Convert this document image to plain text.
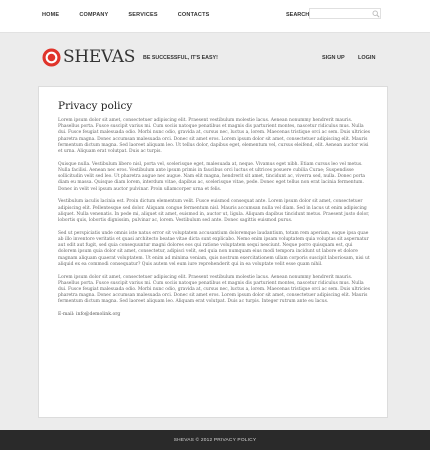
HOME	COMPANY	SERVICES	CONTACTS	SEARCH
SHEVAS BE SUCCESSFUL, IT'S EASY!	SIGN UP LOGIN
Privacy policy

Lorem ipsum dolor sit amet, consectetuer adipiscing elit. Praesent vestibulum molestie lacus. Aenean nonummy hendrerit mauris. Phasellus porta. Fusce suscipit varius mi. Cum sociis natoque penatibus et magnis dis parturient montes, nascetur ridiculus mus. Nulla dui. Fusce feugiat malesuada odio. Morbi nunc odio, gravida at, cursus nec, luctus a, lorem. Maecenas tristique orci ac sem. Duis ultricies pharetra magna. Donec accumsan malesuada orci. Donec sit amet eros. Lorem ipsum dolor sit amet, consectetuer adipiscing elit. Mauris fermentum dictum magna. Sed laoreet aliquam leo. Ut tellus dolor, dapibus eget, elementum vel, cursus eleifend, elit. Aenean auctor wisi et urna. Aliquam erat volutpat. Duis ac turpis.

Quisque nulla. Vestibulum libero nisl, porta vel, scelerisque eget, malesuada at, neque. Vivamus eget nibh. Etiam cursus leo vel metus. Nulla facilisi. Aenean nec eros. Vestibulum ante ipsum primis in faucibus orci luctus et ultrices posuere cubilia Curae; Suspendisse sollicitudin velit sed leo. Ut pharetra augue nec augue. Nam elit magna, hendrerit sit amet, tincidunt ac, viverra sed, nulla. Donec porta diam eu massa. Quisque diam lorem, interdum vitae, dapibus ac, scelerisque vitae, pede. Donec eget tellus non erat lacinia fermentum. Donec in velit vel ipsum auctor pulvinar. Proin ullamcorper urna et felis.

Vestibulum iaculis lacinia est. Proin dictum elementum velit. Fusce euismod consequat ante. Lorem ipsum dolor sit amet, consectetuer adipiscing elit. Pellentesque sed dolor. Aliquam congue fermentum nisl. Mauris accumsan nulla vel diam. Sed in lacus ut enim adipiscing aliquet. Nulla venenatis. In pede mi, aliquet sit amet, euismod in, auctor ut, ligula. Aliquam dapibus tincidunt metus. Praesent justo dolor, lobortis quis, lobortis dignissim, pulvinar ac, lorem. Vestibulum sed ante. Donec sagittis euismod purus.

Sed ut perspiciatis unde omnis iste natus error sit voluptatem accusantium doloremque laudantium, totam rem aperiam, eaque ipsa quae ab illo inventore veritatis et quasi architecto beatae vitae dicta sunt explicabo. Nemo enim ipsam voluptatem quia voluptas sit aspernatur aut odit aut fugit, sed quia consequuntur magni dolores eos qui ratione voluptatem sequi nesciunt. Neque porro quisquam est, qui dolorem ipsum quia dolor sit amet, consectetur, adipisci velit, sed quia non numquam eius modi tempora incidunt ut labore et dolore magnam aliquam quaerat voluptatem. Ut enim ad minima veniam, quis nostrum exercitationem ullam corporis suscipit laboriosam, nisi ut aliquid ex ea commodi consequatur? Quis autem vel eum iure reprehenderit qui in ea voluptate velit esse quam nihil.

Lorem ipsum dolor sit amet, consectetuer adipiscing elit. Praesent vestibulum molestie lacus. Aenean nonummy hendrerit mauris. Phasellus porta. Fusce suscipit varius mi. Cum sociis natoque penatibus et magnis dis parturient montes, nascetur ridiculus mus. Nulla dui. Fusce feugiat malesuada odio. Morbi nunc odio, gravida at, cursus nec, luctus a, lorem. Maecenas tristique orci ac sem. Duis ultricies pharetra magna. Donec accumsan malesuada orci. Donec sit amet eros. Lorem ipsum dolor sit amet, consectetuer adipiscing elit. Mauris fermentum dictum magna. Sed laoreet aliquam leo. Aliquam erat volutpat. Duis ac turpis. Integer rutrum ante eu lacus.

E-mail: info@demolink.org
SHEVAS © 2012 PRIVACY POLICY
